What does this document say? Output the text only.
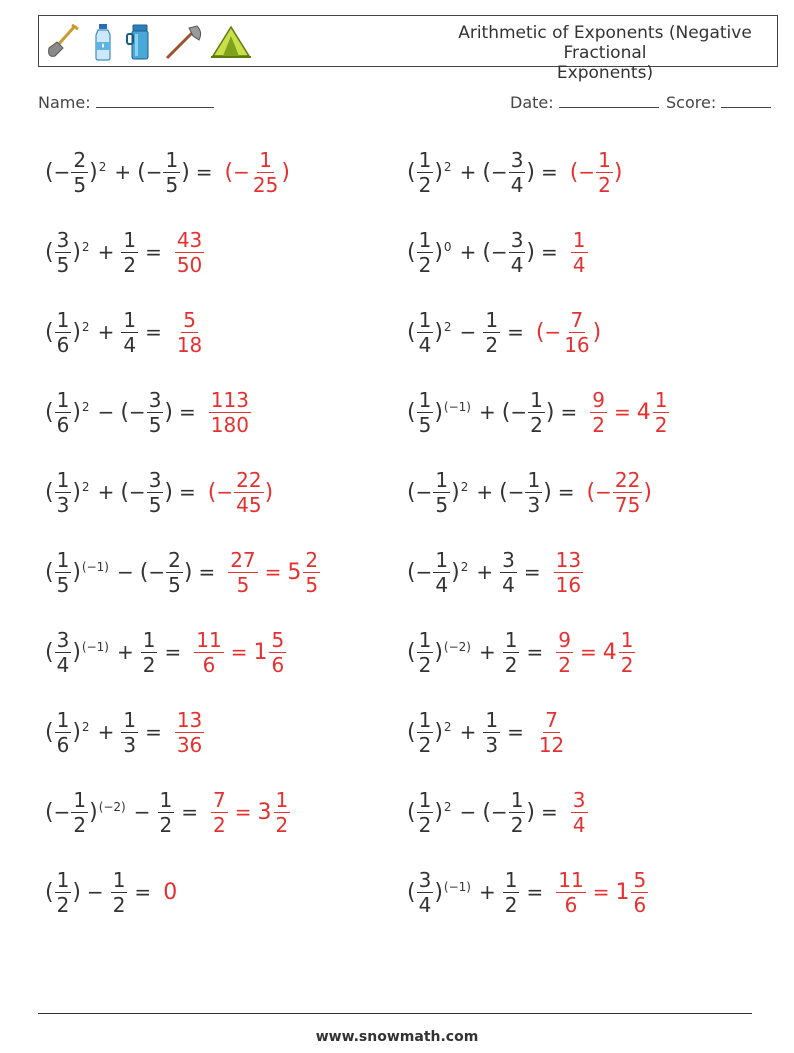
Arithmetic of Exponents (Negative Fractional
Exponents)
Name:	Date:	Score:
( − $\frac{2}{5}$ ) 2 + ( − $\frac{1}{5}$ ) = ( − $\frac{1}{25}$ )	( $\frac{1}{2}$ ) 2 + ( − $\frac{3}{4}$ ) = ( − $\frac{1}{2}$ )
( $\frac{3}{5}$ ) $2 + \frac{1}{2} = \frac{43}{50}$	( $\frac{1}{2}$ ) 0 + ( − $\frac{3}{4}$ ) = $\frac{1}{4}$
( $\frac{1}{6}$ ) $2 + \frac{1}{4} = \frac{5}{18}$	( $\frac{1}{4}$ ) $2 - \frac{1}{2}$ = ( − $\frac{7}{16}$ )
( $\frac{1}{6}$ ) 2 − ( − $\frac{3}{5}$ ) = $\frac{113}{180}$	( $\frac{1}{5}$ ) (−1) + ( − $\frac{1}{2}$ ) = $\frac{9}{2} = 4 \frac{1}{2}$
( $\frac{1}{3}$ ) 2 + ( − $\frac{3}{5}$ ) = ( − $\frac{22}{45}$ )	( − $\frac{1}{5}$ ) 2 + ( − $\frac{1}{3}$ ) = ( − $\frac{22}{75}$ )
( $\frac{1}{5}$ ) (−1) − ( − $\frac{2}{5}$ ) = $\frac{27}{5} = 5 \frac{2}{5}$	( − $\frac{1}{4}$ ) $2 + \frac{3}{4} = \frac{13}{16}$
( $\frac{3}{4}$ ) $(-1) + \frac{1}{2} = \frac{11}{6} = 1 \frac{5}{6}$	( $\frac{1}{2}$ ) $(-2) + \frac{1}{2} = \frac{9}{2} = 4 \frac{1}{2}$
( $\frac{1}{6}$ ) $2 + \frac{1}{3} = \frac{13}{36}$	( $\frac{1}{2}$ ) $2 + \frac{1}{3} = \frac{7}{12}$
( − $\frac{1}{2}$ ) $(-2) - \frac{1}{2} = \frac{7}{2} = 3 \frac{1}{2}$	( $\frac{1}{2}$ ) 2 − ( − $\frac{1}{2}$ ) = $\frac{3}{4}$
( $\frac{1}{2}$ ) − $\frac{1}{2} = 0$	( $\frac{3}{4}$ ) $(-1) + \frac{1}{2} = \frac{11}{6} = 1 \frac{5}{6}$
www.snowmath.com
